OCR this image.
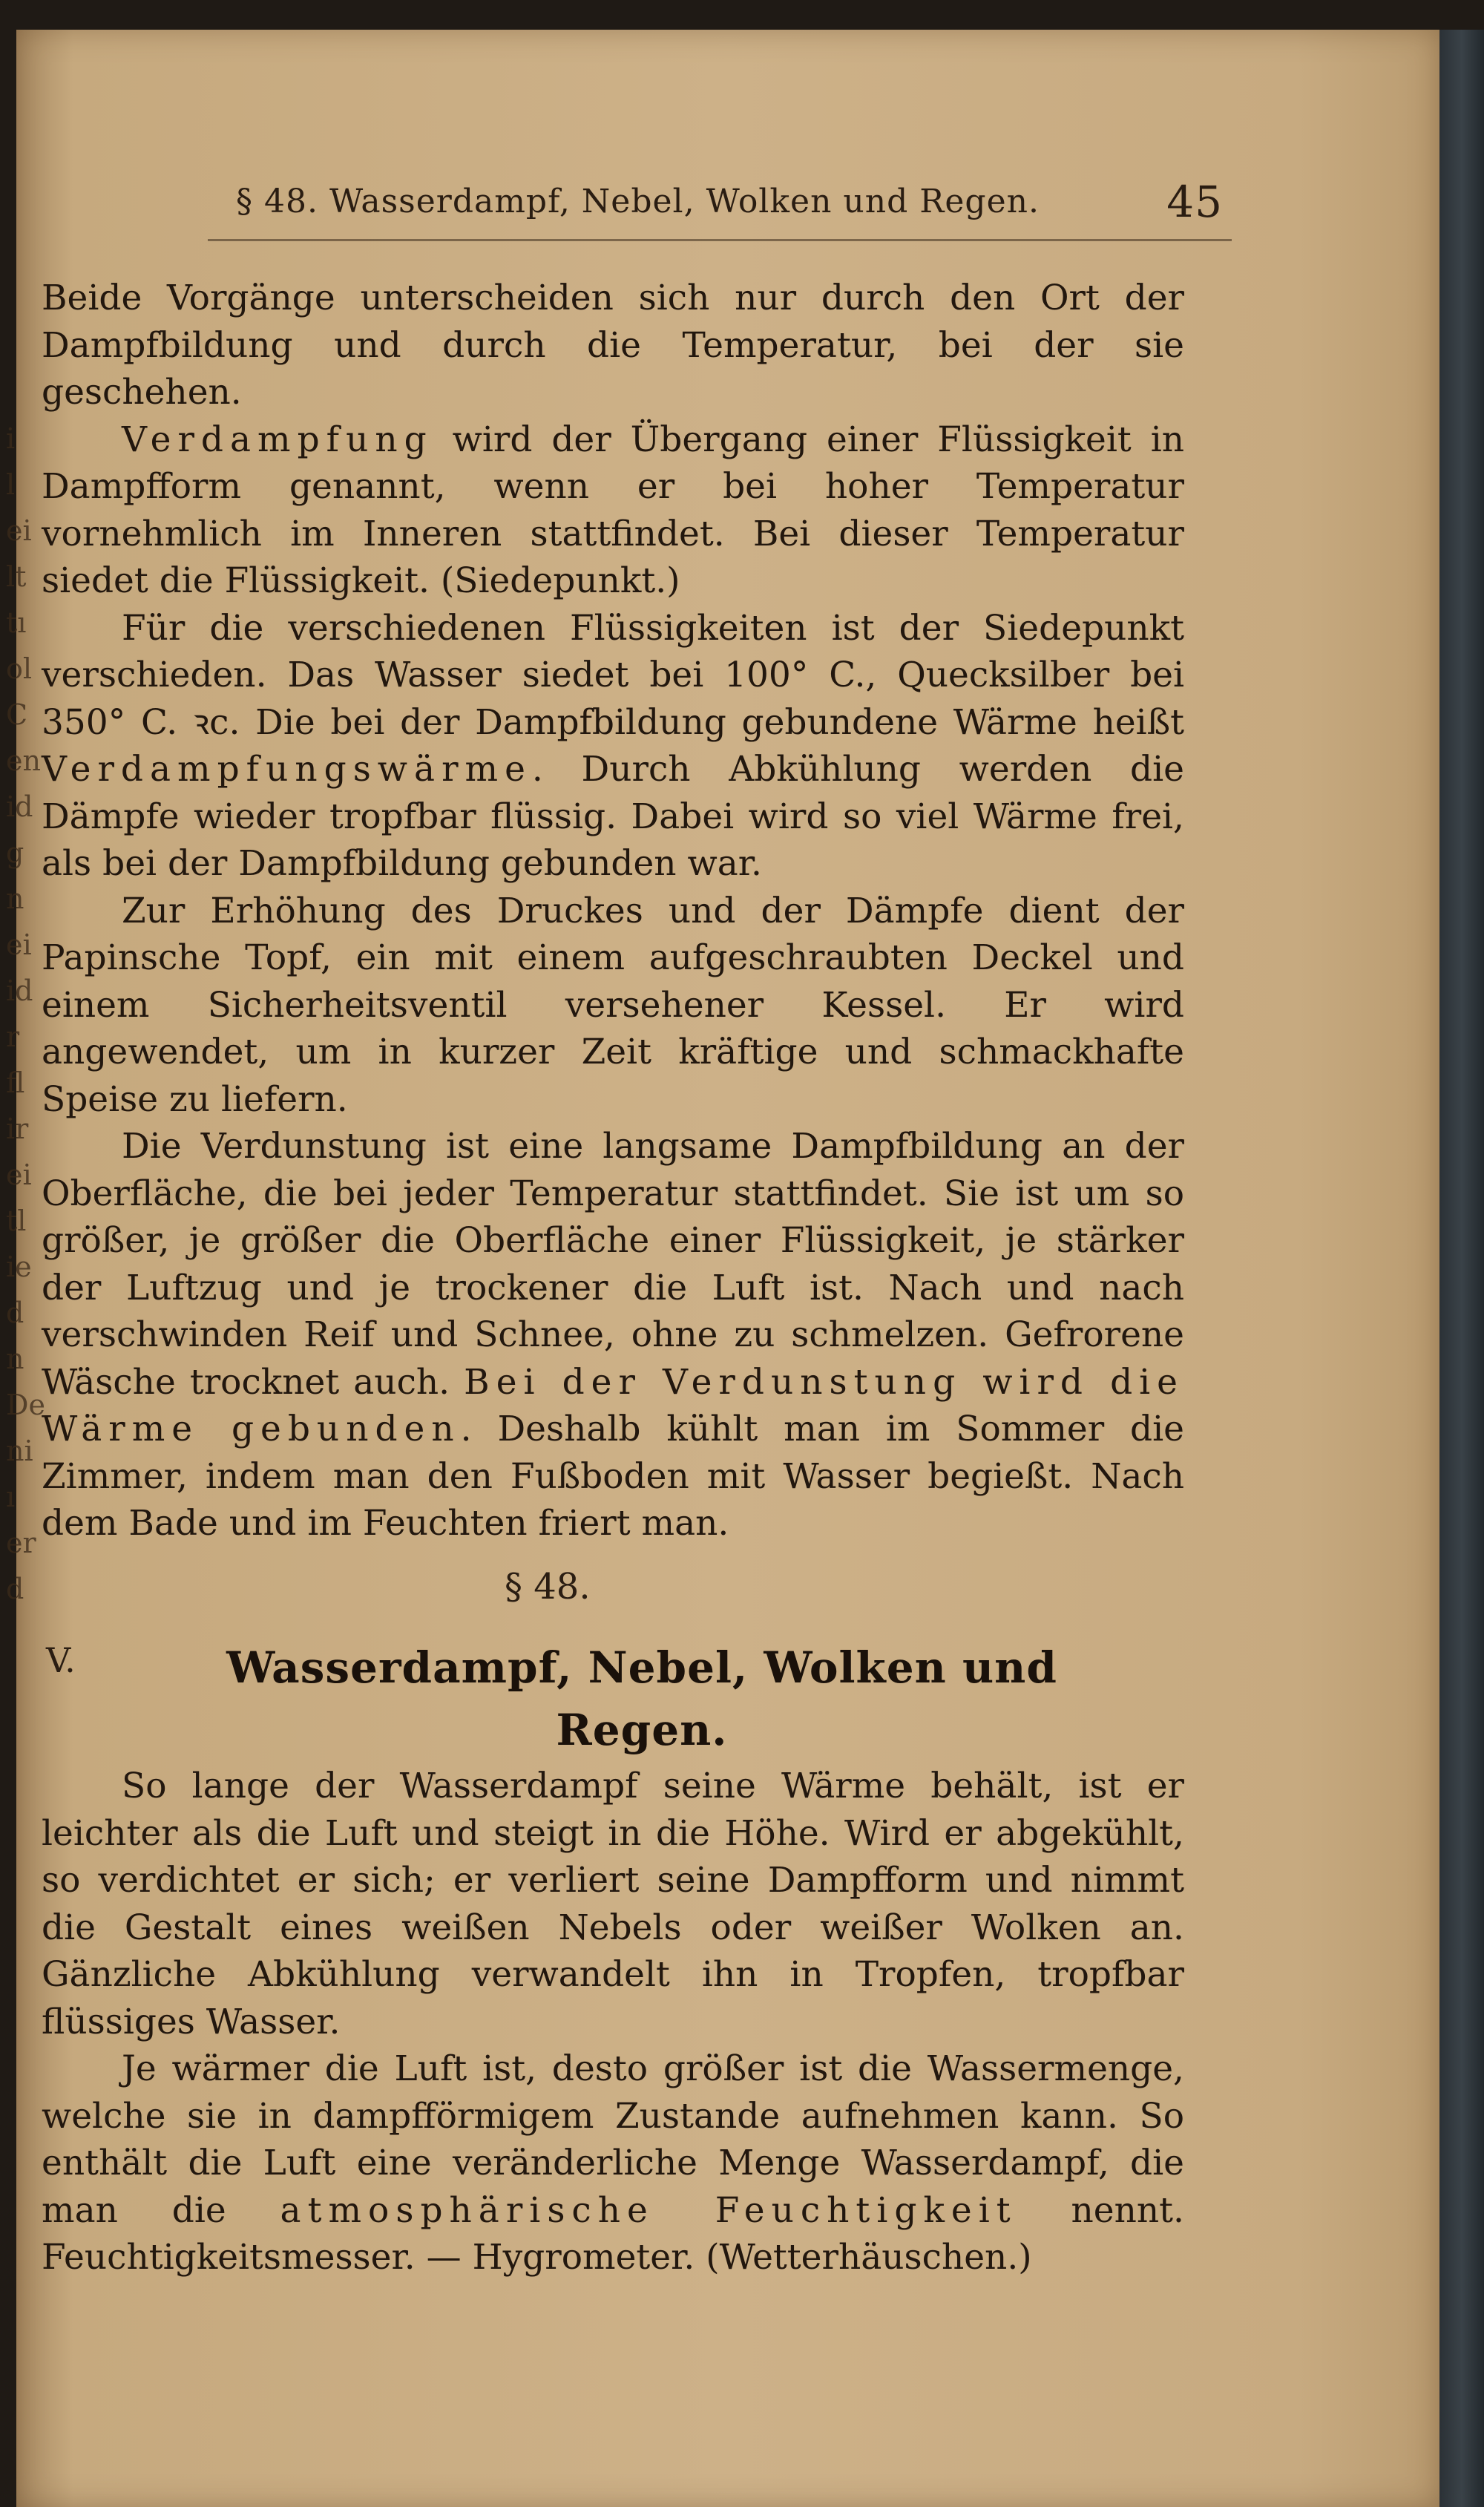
i
l
ei
lt
tı
ol
C
en
id
g
n
ei
id
r
fl
ir
ei
tl
ie
d
n
De
ni
ı
er
d
§ 48. Wasserdampf, Nebel, Wolken und Regen.	45

Beide Vorgänge unterscheiden sich nur durch den Ort der Dampfbildung und durch die Temperatur, bei der sie geschehen.

Verdampfung wird der Übergang einer Flüssigkeit in Dampfform genannt, wenn er bei hoher Temperatur vornehmlich im Inneren stattfindet. Bei dieser Temperatur siedet die Flüssigkeit. (Siedepunkt.)

Für die verschiedenen Flüssigkeiten ist der Siedepunkt verschieden. Das Wasser siedet bei 100° C., Quecksilber bei 350° C. ꝛc. Die bei der Dampfbildung gebundene Wärme heißt Verdampfungswärme. Durch Abkühlung werden die Dämpfe wieder tropfbar flüssig. Dabei wird so viel Wärme frei, als bei der Dampfbildung gebunden war.

Zur Erhöhung des Druckes und der Dämpfe dient der Papinsche Topf, ein mit einem aufgeschraubten Deckel und einem Sicherheitsventil versehener Kessel. Er wird angewendet, um in kurzer Zeit kräftige und schmackhafte Speise zu liefern.

Die Verdunstung ist eine langsame Dampfbildung an der Oberfläche, die bei jeder Temperatur stattfindet. Sie ist um so größer, je größer die Oberfläche einer Flüssigkeit, je stärker der Luftzug und je trockener die Luft ist. Nach und nach verschwinden Reif und Schnee, ohne zu schmelzen. Gefrorene Wäsche trocknet auch. Bei der Verdunstung wird die Wärme gebunden. Deshalb kühlt man im Sommer die Zimmer, indem man den Fußboden mit Wasser begießt. Nach dem Bade und im Feuchten friert man.

§ 48.
V.	Wasserdampf, Nebel, Wolken und
Regen.

So lange der Wasserdampf seine Wärme behält, ist er leichter als die Luft und steigt in die Höhe. Wird er abgekühlt, so verdichtet er sich; er verliert seine Dampfform und nimmt die Gestalt eines weißen Nebels oder weißer Wolken an. Gänzliche Abkühlung verwandelt ihn in Tropfen, tropfbar flüssiges Wasser.

Je wärmer die Luft ist, desto größer ist die Wassermenge, welche sie in dampfförmigem Zustande aufnehmen kann. So enthält die Luft eine veränderliche Menge Wasserdampf, die man die atmosphärische Feuchtigkeit nennt. Feuchtigkeitsmesser. — Hygrometer. (Wetterhäuschen.)
